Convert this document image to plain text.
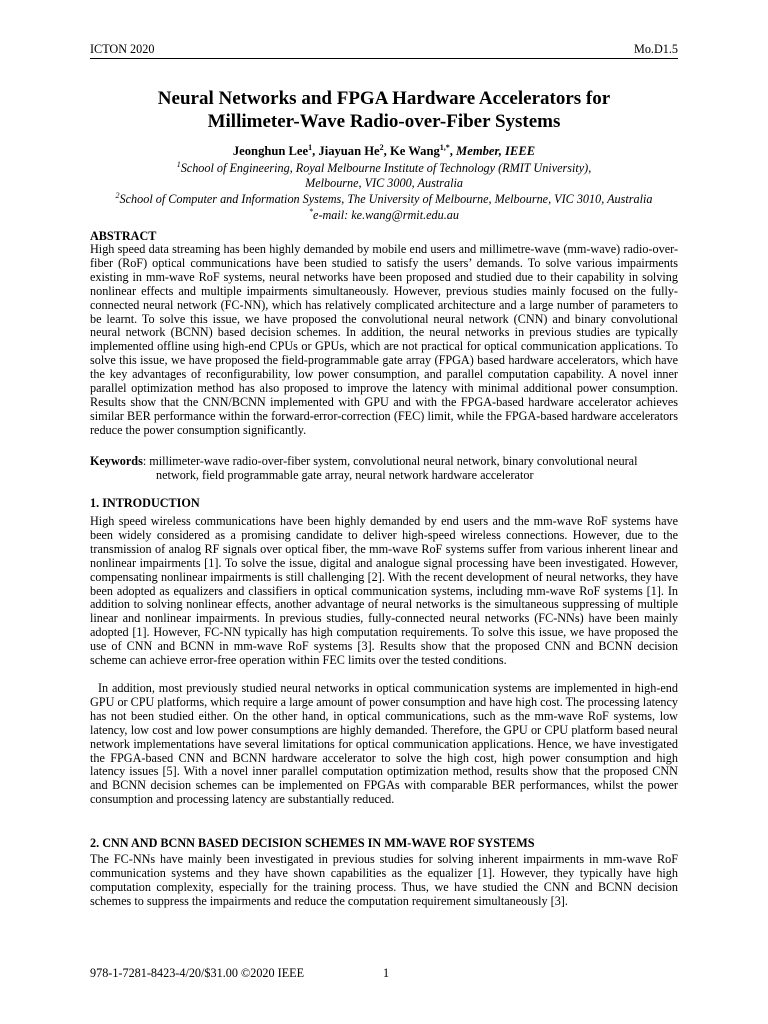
ICTON 2020	Mo.D1.5
Neural Networks and FPGA Hardware Accelerators for
Millimeter-Wave Radio-over-Fiber Systems
Jeonghun Lee$^1$, Jiayuan He$^2$, Ke Wang$^{1,*}$, Member, IEEE
$^1$School of Engineering, Royal Melbourne Institute of Technology (RMIT University),
Melbourne, VIC 3000, Australia
$^2$School of Computer and Information Systems, The University of Melbourne, Melbourne, VIC 3010, Australia
*e-mail: ke.wang@rmit.edu.au
ABSTRACT
High speed data streaming has been highly demanded by mobile end users and millimetre-wave (mm-wave) radio-over-fiber (RoF) optical communications have been studied to satisfy the users’ demands. To solve various impairments existing in mm-wave RoF systems, neural networks have been proposed and studied due to their capability in solving nonlinear effects and multiple impairments simultaneously. However, previous studies mainly focused on the fully-connected neural network (FC-NN), which has relatively complicated architecture and a large number of parameters to be learnt. To solve this issue, we have proposed the convolutional neural network (CNN) and binary convolutional neural network (BCNN) based decision schemes. In addition, the neural networks in previous studies are typically implemented offline using high-end CPUs or GPUs, which are not practical for optical communication applications. To solve this issue, we have proposed the field-programmable gate array (FPGA) based hardware accelerators, which have the key advantages of reconfigurability, low power consumption, and parallel computation capability. A novel inner parallel optimization method has also proposed to improve the latency with minimal additional power consumption. Results show that the CNN/BCNN implemented with GPU and with the FPGA-based hardware accelerator achieves similar BER performance within the forward-error-correction (FEC) limit, while the FPGA-based hardware accelerators reduce the power consumption significantly.
Keywords: millimeter-wave radio-over-fiber system, convolutional neural network, binary convolutional neural
network, field programmable gate array, neural network hardware accelerator
1. INTRODUCTION
High speed wireless communications have been highly demanded by end users and the mm-wave RoF systems have been widely considered as a promising candidate to deliver high-speed wireless connections. However, due to the transmission of analog RF signals over optical fiber, the mm-wave RoF systems suffer from various inherent linear and nonlinear impairments [1]. To solve the issue, digital and analogue signal processing have been investigated. However, compensating nonlinear impairments is still challenging [2]. With the recent development of neural networks, they have been adopted as equalizers and classifiers in optical communication systems, including mm-wave RoF systems [1]. In addition to solving nonlinear effects, another advantage of neural networks is the simultaneous suppressing of multiple linear and nonlinear impairments. In previous studies, fully-connected neural networks (FC-NNs) have been mainly adopted [1]. However, FC-NN typically has high computation requirements. To solve this issue, we have proposed the use of CNN and BCNN in mm-wave RoF systems [3]. Results show that the proposed CNN and BCNN decision scheme can achieve error-free operation within FEC limits over the tested conditions.
In addition, most previously studied neural networks in optical communication systems are implemented in high-end GPU or CPU platforms, which require a large amount of power consumption and have high cost. The processing latency has not been studied either. On the other hand, in optical communications, such as the mm-wave RoF systems, low latency, low cost and low power consumptions are highly demanded. Therefore, the GPU or CPU platform based neural network implementations have several limitations for optical communication applications. Hence, we have investigated the FPGA-based CNN and BCNN hardware accelerator to solve the high cost, high power consumption and high latency issues [5]. With a novel inner parallel computation optimization method, results show that the proposed CNN and BCNN decision schemes can be implemented on FPGAs with comparable BER performances, whilst the power consumption and processing latency are substantially reduced.
2. CNN AND BCNN BASED DECISION SCHEMES IN MM-WAVE ROF SYSTEMS
The FC-NNs have mainly been investigated in previous studies for solving inherent impairments in mm-wave RoF communication systems and they have shown capabilities as the equalizer [1]. However, they typically have high computation complexity, especially for the training process. Thus, we have studied the CNN and BCNN decision schemes to suppress the impairments and reduce the computation requirement simultaneously [3].
978-1-7281-8423-4/20/$31.00 ©2020 IEEE	1
